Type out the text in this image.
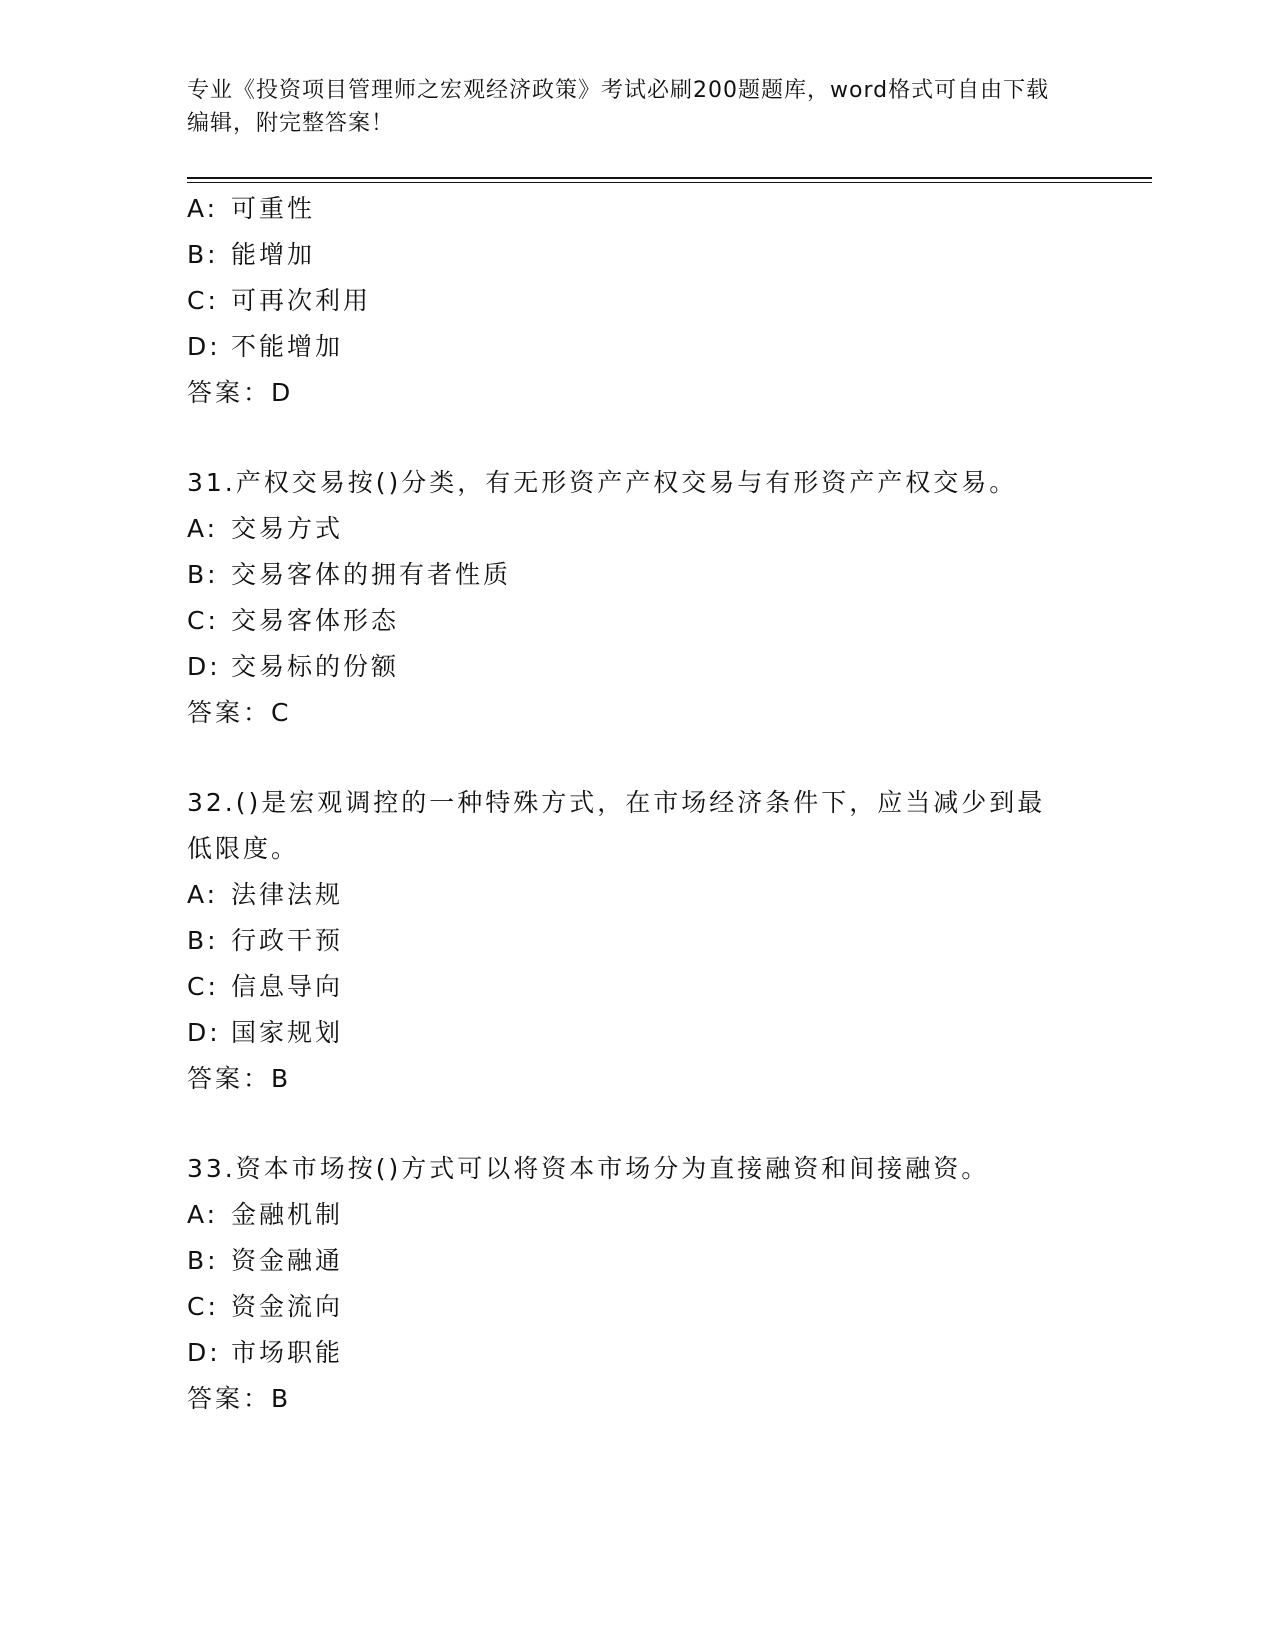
专业《投资项目管理师之宏观经济政策》考试必刷200题题库，word格式可自由下载编辑，附完整答案！
A: 可重性
B: 能增加
C: 可再次利用
D: 不能增加
答案：D
31.产权交易按()分类，有无形资产产权交易与有形资产产权交易。
A: 交易方式
B: 交易客体的拥有者性质
C: 交易客体形态
D: 交易标的份额
答案：C
32.()是宏观调控的一种特殊方式，在市场经济条件下，应当减少到最低限度。
A: 法律法规
B: 行政干预
C: 信息导向
D: 国家规划
答案：B
33.资本市场按()方式可以将资本市场分为直接融资和间接融资。
A: 金融机制
B: 资金融通
C: 资金流向
D: 市场职能
答案：B
